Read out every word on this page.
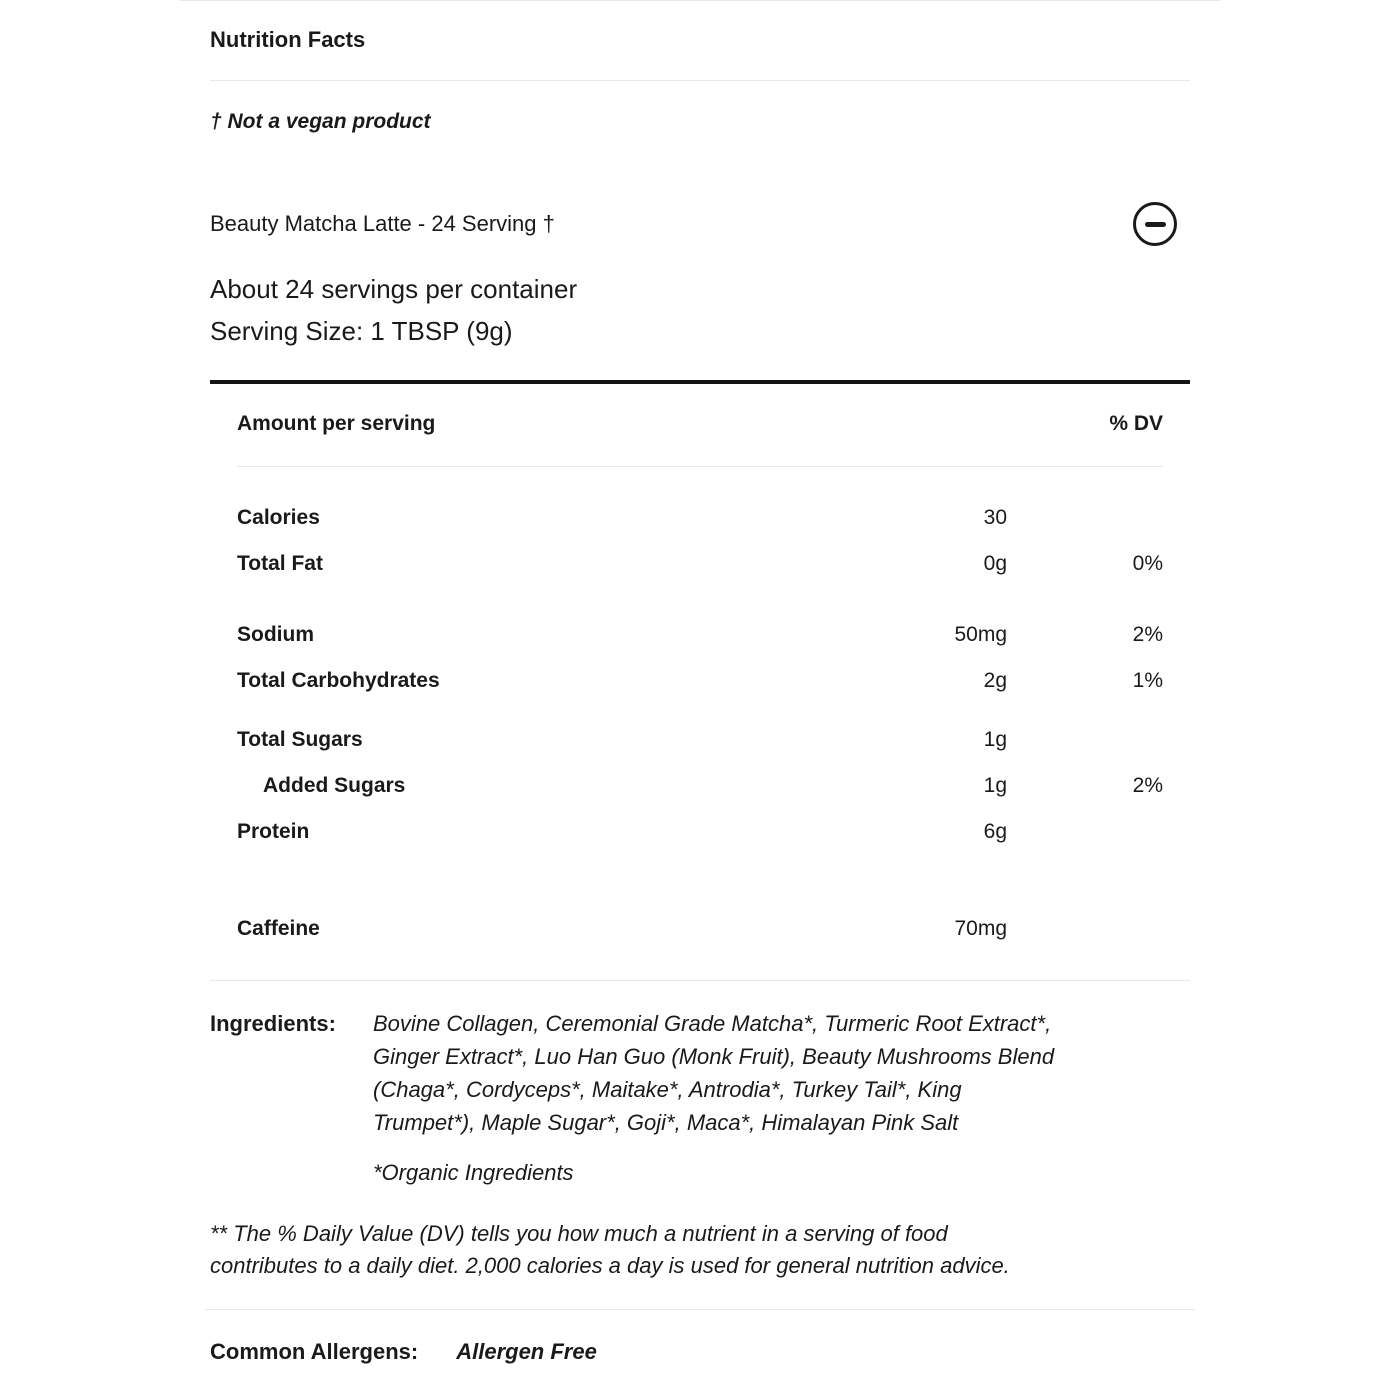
Nutrition Facts
† Not a vegan product
Beauty Matcha Latte - 24 Serving †
About 24 servings per container
Serving Size: 1 TBSP (9g)
Amount per serving	% DV
Calories	30
Total Fat	0g	0%
Sodium	50mg	2%
Total Carbohydrates	2g	1%
Total Sugars	1g
Added Sugars	1g	2%
Protein	6g
Caffeine	70mg
Ingredients:	Bovine Collagen, Ceremonial Grade Matcha*, Turmeric Root Extract*,
Ginger Extract*, Luo Han Guo (Monk Fruit), Beauty Mushrooms Blend
(Chaga*, Cordyceps*, Maitake*, Antrodia*, Turkey Tail*, King
Trumpet*), Maple Sugar*, Goji*, Maca*, Himalayan Pink Salt
*Organic Ingredients
** The % Daily Value (DV) tells you how much a nutrient in a serving of food
contributes to a daily diet. 2,000 calories a day is used for general nutrition advice.
Common Allergens: Allergen Free
